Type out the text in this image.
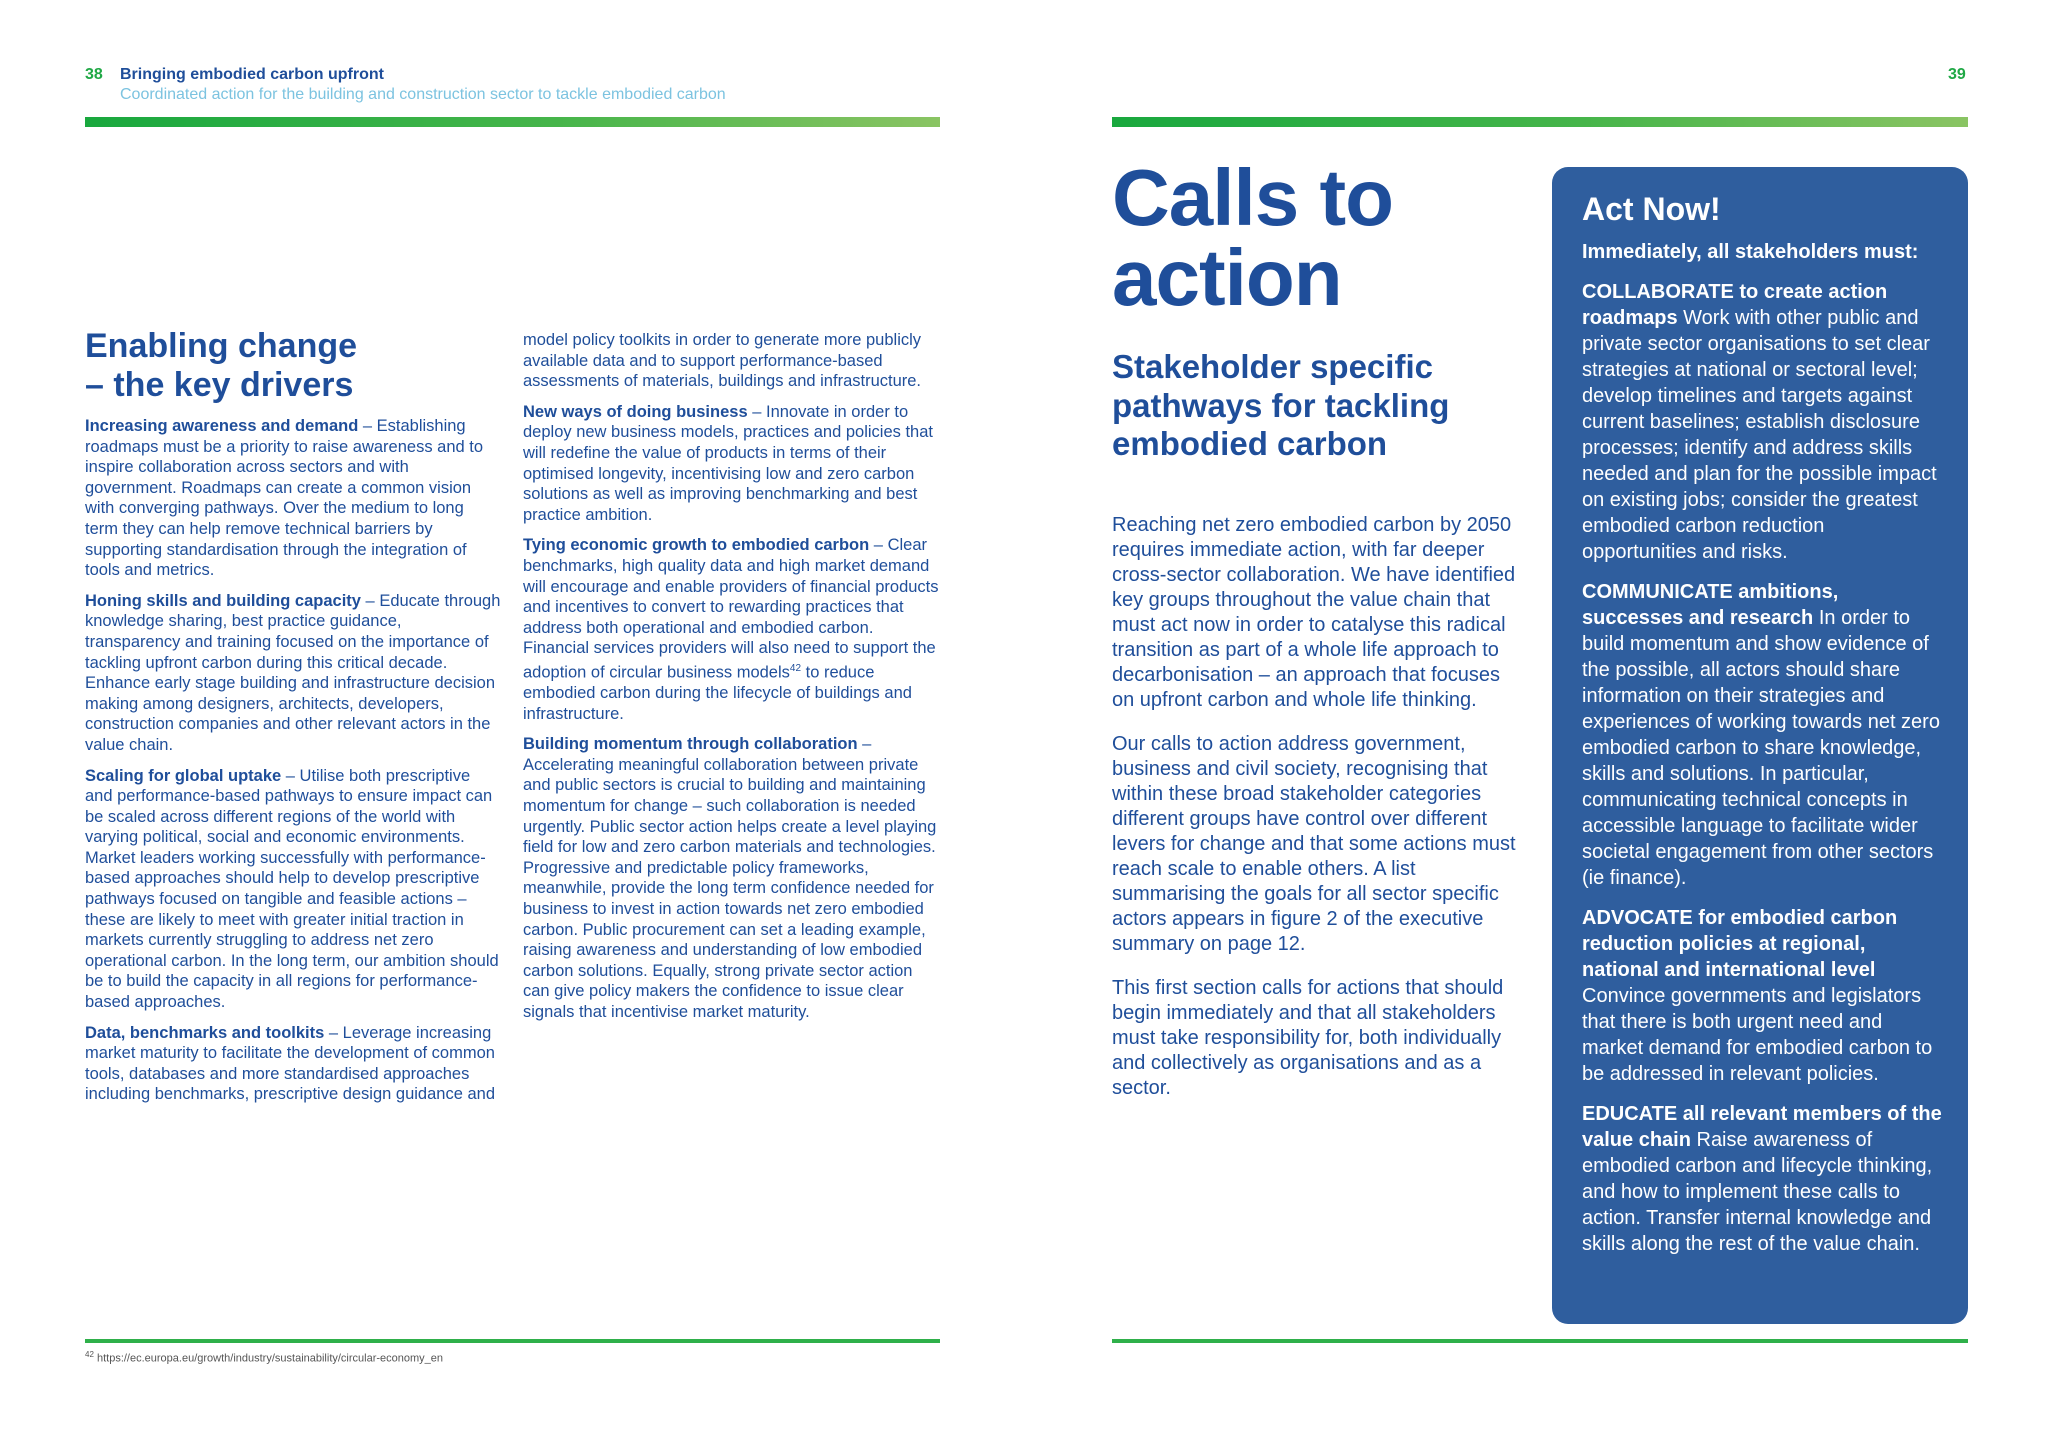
38 Bringing embodied carbon upfront
Coordinated action for the building and construction sector to tackle embodied carbon
Enabling change
– the key drivers

Increasing awareness and demand – Establishing roadmaps must be a priority to raise awareness and to inspire collaboration across sectors and with government. Roadmaps can create a common vision with converging pathways. Over the medium to long term they can help remove technical barriers by supporting standardisation through the integration of tools and metrics.

Honing skills and building capacity – Educate through knowledge sharing, best practice guidance, transparency and training focused on the importance of tackling upfront carbon during this critical decade. Enhance early stage building and infrastructure decision making among designers, architects, developers, construction companies and other relevant actors in the value chain.

Scaling for global uptake – Utilise both prescriptive and performance-based pathways to ensure impact can be scaled across different regions of the world with varying political, social and economic environments. Market leaders working successfully with performance-based approaches should help to develop prescriptive pathways focused on tangible and feasible actions – these are likely to meet with greater initial traction in markets currently struggling to address net zero operational carbon. In the long term, our ambition should be to build the capacity in all regions for performance-based approaches.

Data, benchmarks and toolkits – Leverage increasing market maturity to facilitate the development of common tools, databases and more standardised approaches including benchmarks, prescriptive design guidance and

model policy toolkits in order to generate more publicly available data and to support performance-based assessments of materials, buildings and infrastructure.

New ways of doing business – Innovate in order to deploy new business models, practices and policies that will redefine the value of products in terms of their optimised longevity, incentivising low and zero carbon solutions as well as improving benchmarking and best practice ambition.

Tying economic growth to embodied carbon – Clear benchmarks, high quality data and high market demand will encourage and enable providers of financial products and incentives to convert to rewarding practices that address both operational and embodied carbon. Financial services providers will also need to support the adoption of circular business models$^{42}$ to reduce embodied carbon during the lifecycle of buildings and infrastructure.

Building momentum through collaboration – Accelerating meaningful collaboration between private and public sectors is crucial to building and maintaining momentum for change – such collaboration is needed urgently. Public sector action helps create a level playing field for low and zero carbon materials and technologies. Progressive and predictable policy frameworks, meanwhile, provide the long term confidence needed for business to invest in action towards net zero embodied carbon. Public procurement can set a leading example, raising awareness and understanding of low embodied carbon solutions. Equally, strong private sector action can give policy makers the confidence to issue clear signals that incentivise market maturity.

$^{42}$ https://ec.europa.eu/growth/industry/sustainability/circular-economy_en
39
Calls to
action
Stakeholder specific pathways for tackling embodied carbon

Reaching net zero embodied carbon by 2050 requires immediate action, with far deeper cross-sector collaboration. We have identified key groups throughout the value chain that must act now in order to catalyse this radical transition as part of a whole life approach to decarbonisation – an approach that focuses on upfront carbon and whole life thinking.

Our calls to action address government, business and civil society, recognising that within these broad stakeholder categories different groups have control over different levers for change and that some actions must reach scale to enable others. A list summarising the goals for all sector specific actors appears in figure 2 of the executive summary on page 12.

This first section calls for actions that should begin immediately and that all stakeholders must take responsibility for, both individually and collectively as organisations and as a sector.

Act Now!

Immediately, all stakeholders must:

COLLABORATE to create action roadmaps Work with other public and private sector organisations to set clear strategies at national or sectoral level; develop timelines and targets against current baselines; establish disclosure processes; identify and address skills needed and plan for the possible impact on existing jobs; consider the greatest embodied carbon reduction opportunities and risks.

COMMUNICATE ambitions, successes and research In order to build momentum and show evidence of the possible, all actors should share information on their strategies and experiences of working towards net zero embodied carbon to share knowledge, skills and solutions. In particular, communicating technical concepts in accessible language to facilitate wider societal engagement from other sectors (ie finance).

ADVOCATE for embodied carbon reduction policies at regional, national and international level Convince governments and legislators that there is both urgent need and market demand for embodied carbon to be addressed in relevant policies.

EDUCATE all relevant members of the value chain Raise awareness of embodied carbon and lifecycle thinking, and how to implement these calls to action. Transfer internal knowledge and skills along the rest of the value chain.
